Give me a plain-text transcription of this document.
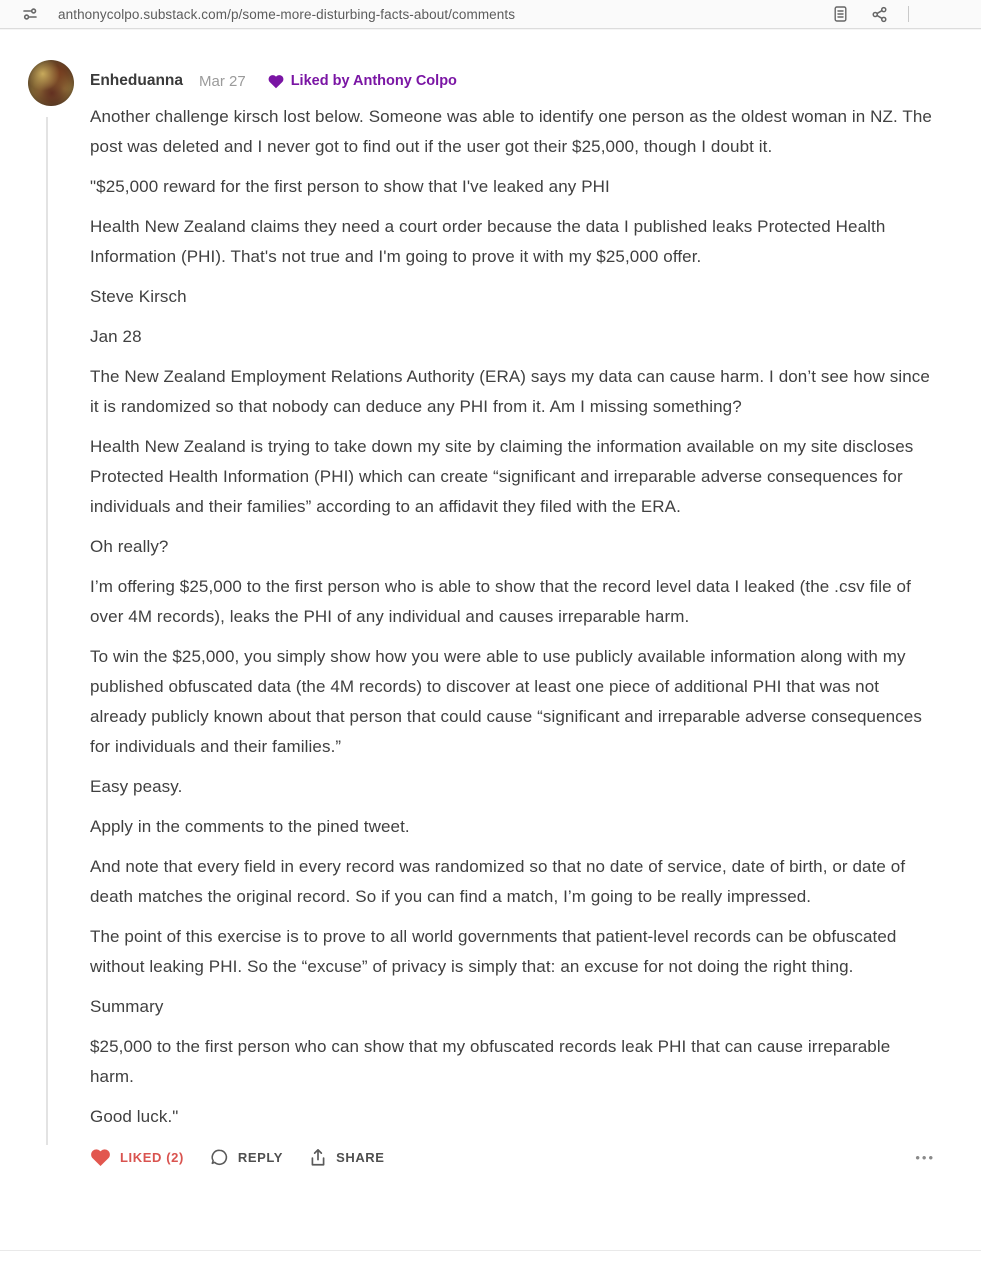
anthonycolpo.substack.com/p/some-more-disturbing-facts-about/comments
Enheduanna Mar 27	Liked by Anthony Colpo

Another challenge kirsch lost below. Someone was able to identify one person as the oldest woman in NZ. The post was deleted and I never got to find out if the user got their $25,000, though I doubt it.

"$25,000 reward for the first person to show that I've leaked any PHI

Health New Zealand claims they need a court order because the data I published leaks Protected Health Information (PHI). That's not true and I'm going to prove it with my $25,000 offer.

Steve Kirsch

Jan 28

The New Zealand Employment Relations Authority (ERA) says my data can cause harm. I don’t see how since it is randomized so that nobody can deduce any PHI from it. Am I missing something?

Health New Zealand is trying to take down my site by claiming the information available on my site discloses Protected Health Information (PHI) which can create “significant and irreparable adverse consequences for individuals and their families” according to an affidavit they filed with the ERA.

Oh really?

I’m offering $25,000 to the first person who is able to show that the record level data I leaked (the .csv file of over 4M records), leaks the PHI of any individual and causes irreparable harm.

To win the $25,000, you simply show how you were able to use publicly available information along with my published obfuscated data (the 4M records) to discover at least one piece of additional PHI that was not already publicly known about that person that could cause “significant and irreparable adverse consequences for individuals and their families.”

Easy peasy.

Apply in the comments to the pined tweet.

And note that every field in every record was randomized so that no date of service, date of birth, or date of death matches the original record. So if you can find a match, I’m going to be really impressed.

The point of this exercise is to prove to all world governments that patient-level records can be obfuscated without leaking PHI. So the “excuse” of privacy is simply that: an excuse for not doing the right thing.

Summary

$25,000 to the first person who can show that my obfuscated records leak PHI that can cause irreparable harm.

Good luck."

LIKED (2)	REPLY	SHARE	•••
